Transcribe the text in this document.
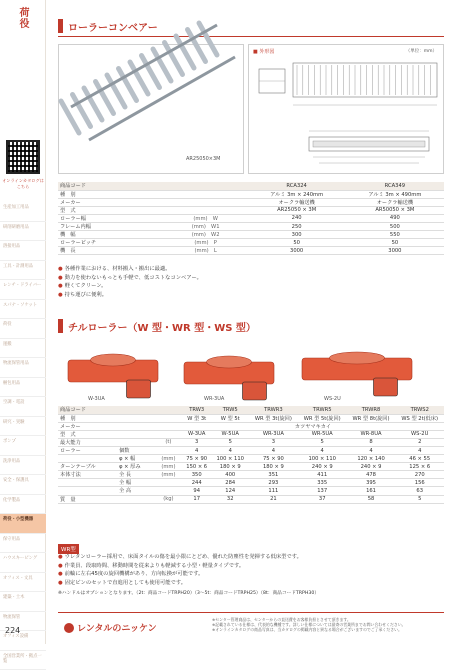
荷役
オンラインカタログは
こちら
生産加工用品
研削研磨用品
溶接用品
工具・計測用品
レンチ・ドライバー
スパナ・ソケット
荷役
運搬
物流保管用品
梱包用品
空調・電設
研究・実験
ポンプ
洗浄用品
安全・保護具
化学製品
荷役・小型機器
保守用品
ハウスキーピング
オフィス・文具
建築・土木
物流保管
オフィス設備
全国営業所・拠点一覧
224
ローラーコンベアー
AR25050×3M
■ 外形図	（単位：mm）
商品コード		RCA324	RCA349
種　別		アルミ 3m × 240mm	アルミ 3m × 490mm
メーカー		オークラ輸送機	オークラ輸送機
型　式		AR25050 × 3M	AR50050 × 3M
ローラー幅	(mm)　W	240	490
フレーム内幅	(mm)　W1	250	500
機　幅	(mm)　W2	300	550
ローラーピッチ	(mm)　P	50	50
機　長	(mm)　L	3000	3000
● 各種作業における、材料搬入・搬出に最適。
● 動力を使わないもっとも手軽で、低コストなコンベアー。
● 軽くてクリーン。
● 持ち運びに便利。
チルローラー（W 型・WR 型・WS 型）
W-3UA	WR-3UA	WS-2U
商品コード			TRW3	TRW5	TRWR3	TRWR5	TRWR8	TRWS2
種　別			W 型 3t	W 型 5t	WR 型 3t(旋回)	WR 型 5t(旋回)	WR 型 8t(旋回)	WS 型 2t(低床)
メーカー			カツヤマキカイ					
型　式			W-3UA	W-5UA	WR-3UA	WR-5UA	WR-8UA	WS-2U
最大能力		(t)	3	5	3	5	8	2
ローラー	個数		4	4	4	4	4	4
	φ × 幅	(mm)	75 × 90	100 × 110	75 × 90	100 × 110	120 × 140	46 × 55
ターンテーブル	φ × 厚み	(mm)	150 × 6	180 × 9	180 × 9	240 × 9	240 × 9	125 × 6
本体寸法	全 長	(mm)	350	400	351	411	478	270
	全 幅		244	284	293	335	395	156
	全 高		94	124	111	137	161	63
質　量		(kg)	17	32	21	37	58	5
WR型
● ウレタンローラー採用で、床面タイルの傷を最小限にとどめ、優れた防塵性を発揮する低床型です。
● 作業員、段取時間、移動時間を従来よりも軽減する小型・軽量タイプです。
● 前輪に左右45度の旋回機構があり、方向転換が可能です。
● 固定ピンのセットで直進用としても使用可能です。
※ハンドルはオプションとなります。（2t：商品コードTRPH20）（3～5t：商品コードTRPH25）（8t：商品コードTRPH30）
レンタルのニッケン
※センター管理商品は、センターからの直送費をお客様負担とさせて頂きます。
※記載されている仕様は、代表的な機種です。詳しい仕様については最寄の営業所までお問い合わせください。
※オンラインカタログの商品写真は、当カタログの掲載内容と異なる場合がございますのでご了承ください。
